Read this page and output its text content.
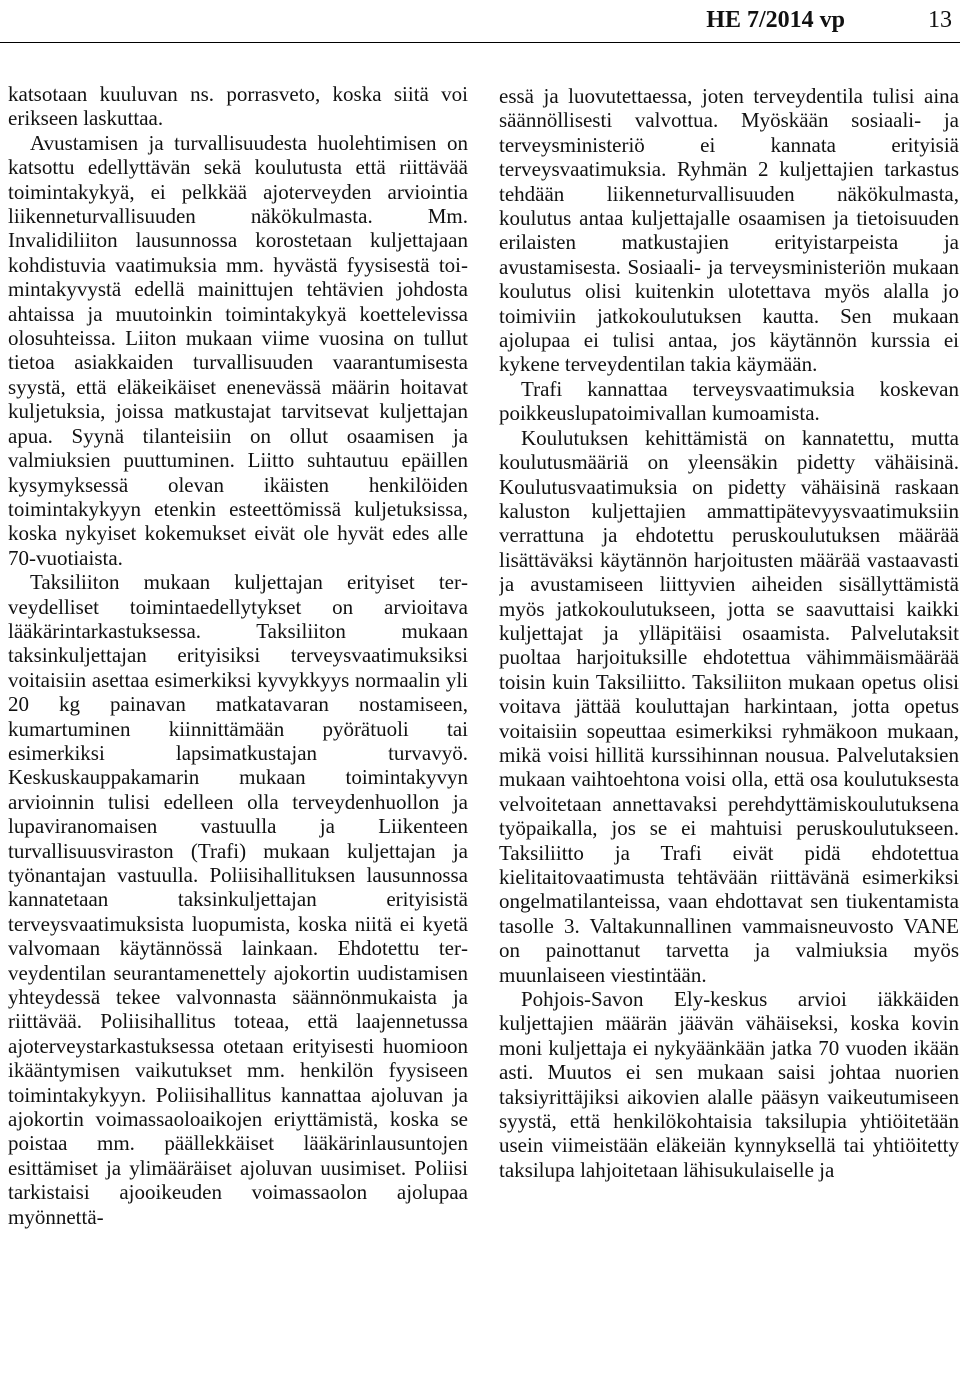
HE 7/2014 vp	13

katsotaan kuuluvan ns. porrasveto, koska siitä voi erikseen laskuttaa.

Avustamisen ja turvallisuudesta huolehtimisen on katsottu edellyttävän sekä koulutusta että riittävää toimintakykyä, ei pelkkää ajoterveyden arviointia liikenneturvallisuuden näkökulmasta. Mm. Invalidiliiton lausunnossa korostetaan kuljettajaan kohdistuvia vaatimuksia mm. hyvästä fyysisestä toimintakyvystä edellä mainittujen tehtävien johdosta ahtaissa ja muutoinkin toimintakykyä koettelevissa olosuhteissa. Liiton mukaan viime vuosina on tullut tietoa asiakkaiden turvallisuuden vaarantumisesta syystä, että eläkeikäiset enenevässä määrin hoitavat kuljetuksia, joissa matkustajat tarvitsevat kuljettajan apua. Syynä tilanteisiin on ollut osaamisen ja valmiuksien puuttuminen. Liitto suhtautuu epäillen kysymyksessä olevan ikäisten henkilöiden toimintakykyyn etenkin esteettömissä kuljetuksissa, koska nykyiset kokemukset eivät ole hyvät edes alle 70-vuotiaista.

Taksiliiton mukaan kuljettajan erityiset terveydelliset toimintaedellytykset on arvioitava lääkärintarkastuksessa. Taksiliiton mukaan taksinkuljettajan erityisiksi terveysvaatimuksiksi voitaisiin asettaa esimerkiksi kyvykkyys normaalin yli 20 kg painavan matkatavaran nostamiseen, kumartuminen kiinnittämään pyörätuoli tai esimerkiksi lapsimatkustajan turvavyö. Keskuskauppakamarin mukaan toimintakyvyn arvioinnin tulisi edelleen olla terveydenhuollon ja lupaviranomaisen vastuulla ja Liikenteen turvallisuusviraston (Trafi) mukaan kuljettajan ja työnantajan vastuulla. Poliisihallituksen lausunnossa kannatetaan taksinkuljettajan erityisistä terveysvaatimuksista luopumista, koska niitä ei kyetä valvomaan käytännössä lainkaan. Ehdotettu terveydentilan seurantamenettely ajokortin uudistamisen yhteydessä tekee valvonnasta säännönmukaista ja riittävää. Poliisihallitus toteaa, että laajennetussa ajoterveystarkastuksessa otetaan erityisesti huomioon ikääntymisen vaikutukset mm. henkilön fyysiseen toimintakykyyn. Poliisihallitus kannattaa ajoluvan ja ajokortin voimassaoloaikojen eriyttämistä, koska se poistaa mm. päällekkäiset lääkärinlausuntojen esittämiset ja ylimääräiset ajoluvan uusimiset. Poliisi tarkistaisi ajooikeuden voimassaolon ajolupaa myönnettä-

essä ja luovutettaessa, joten terveydentila tulisi aina säännöllisesti valvottua. Myöskään sosiaali- ja terveysministeriö ei kannata erityisiä terveysvaatimuksia. Ryhmän 2 kuljettajien tarkastus tehdään liikenneturvallisuuden näkökulmasta, koulutus antaa kuljettajalle osaamisen ja tietoisuuden erilaisten matkustajien erityistarpeista ja avustamisesta. Sosiaali- ja terveysministeriön mukaan koulutus olisi kuitenkin ulotettava myös alalla jo toimiviin jatkokoulutuksen kautta. Sen mukaan ajolupaa ei tulisi antaa, jos käytännön kurssia ei kykene terveydentilan takia käymään.

Trafi kannattaa terveysvaatimuksia koskevan poikkeuslupatoimivallan kumoamista.

Koulutuksen kehittämistä on kannatettu, mutta koulutusmääriä on yleensäkin pidetty vähäisinä. Koulutusvaatimuksia on pidetty vähäisinä raskaan kaluston kuljettajien ammattipätevyysvaatimuksiin verrattuna ja ehdotettu peruskoulutuksen määrää lisättäväksi käytännön harjoitusten määrää vastaavasti ja avustamiseen liittyvien aiheiden sisällyttämistä myös jatkokoulutukseen, jotta se saavuttaisi kaikki kuljettajat ja ylläpitäisi osaamista. Palvelutaksit puoltaa harjoituksille ehdotettua vähimmäismäärää toisin kuin Taksiliitto. Taksiliiton mukaan opetus olisi voitava jättää kouluttajan harkintaan, jotta opetus voitaisiin sopeuttaa esimerkiksi ryhmäkoon mukaan, mikä voisi hillitä kurssihinnan nousua. Palvelutaksien mukaan vaihtoehtona voisi olla, että osa koulutuksesta velvoitetaan annettavaksi perehdyttämiskoulutuksena työpaikalla, jos se ei mahtuisi peruskoulutukseen. Taksiliitto ja Trafi eivät pidä ehdotettua kielitaitovaatimusta tehtävään riittävänä esimerkiksi ongelmatilanteissa, vaan ehdottavat sen tiukentamista tasolle 3. Valtakunnallinen vammaisneuvosto VANE on painottanut tarvetta ja valmiuksia myös muunlaiseen viestintään.

Pohjois-Savon Ely-keskus arvioi iäkkäiden kuljettajien määrän jäävän vähäiseksi, koska kovin moni kuljettaja ei nykyäänkään jatka 70 vuoden ikään asti. Muutos ei sen mukaan saisi johtaa nuorien taksiyrittäjiksi aikovien alalle pääsyn vaikeutumiseen syystä, että henkilökohtaisia taksilupia yhtiöitetään usein viimeistään eläkeiän kynnyksellä tai yhtiöitetty taksilupa lahjoitetaan lähisukulaiselle ja
